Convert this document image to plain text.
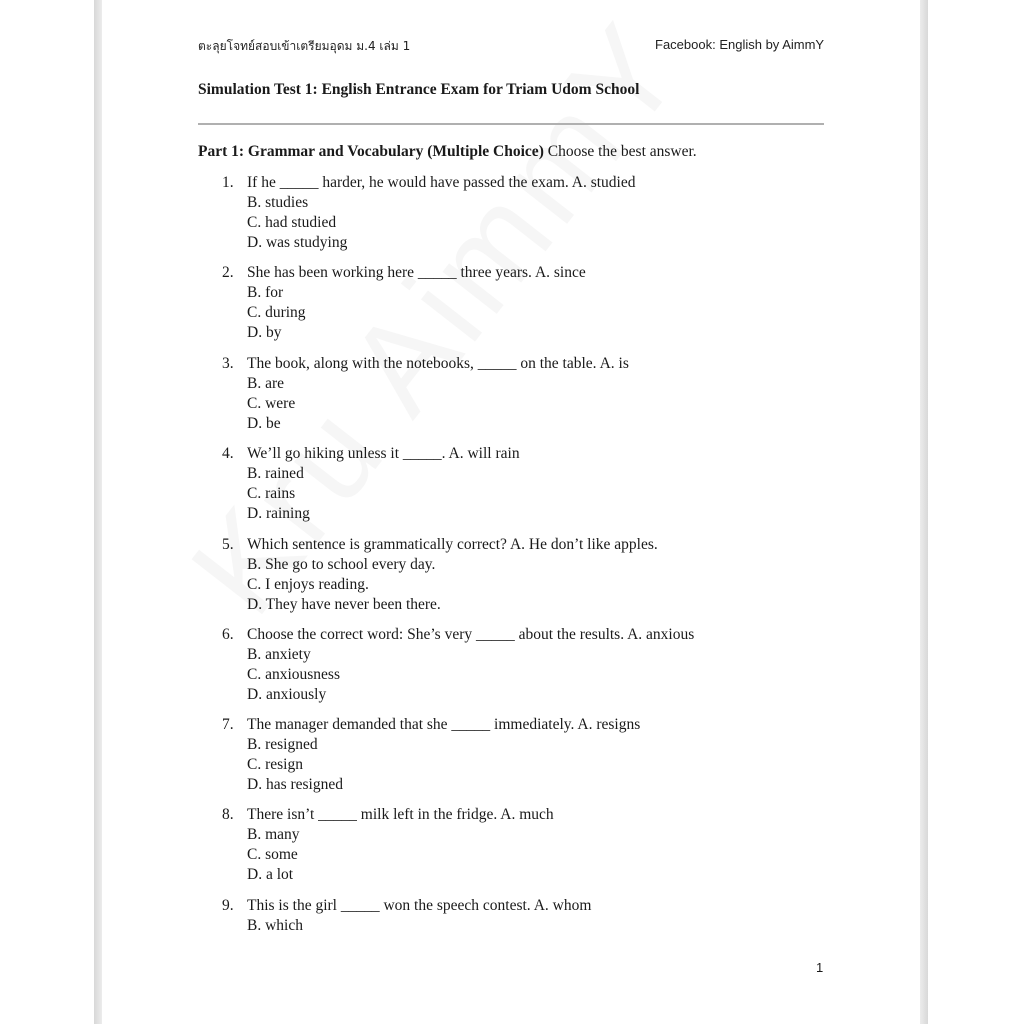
ตะลุยโจทย์สอบเข้าเตรียมอุดม ม.4 เล่ม 1	Facebook: English by AimmY
Simulation Test 1: English Entrance Exam for Triam Udom School
Part 1: Grammar and Vocabulary (Multiple Choice) Choose the best answer.
1. If he _____ harder, he would have passed the exam. A. studied
B. studies
C. had studied
D. was studying
2. She has been working here _____ three years. A. since
B. for
C. during
D. by
3. The book, along with the notebooks, _____ on the table. A. is
B. are
C. were
D. be
4. We’ll go hiking unless it _____. A. will rain
B. rained
C. rains
D. raining
5. Which sentence is grammatically correct? A. He don’t like apples.
B. She go to school every day.
C. I enjoys reading.
D. They have never been there.
6. Choose the correct word: She’s very _____ about the results. A. anxious
B. anxiety
C. anxiousness
D. anxiously
7. The manager demanded that she _____ immediately. A. resigns
B. resigned
C. resign
D. has resigned
8. There isn’t _____ milk left in the fridge. A. much
B. many
C. some
D. a lot
9. This is the girl _____ won the speech contest. A. whom
B. which
1
